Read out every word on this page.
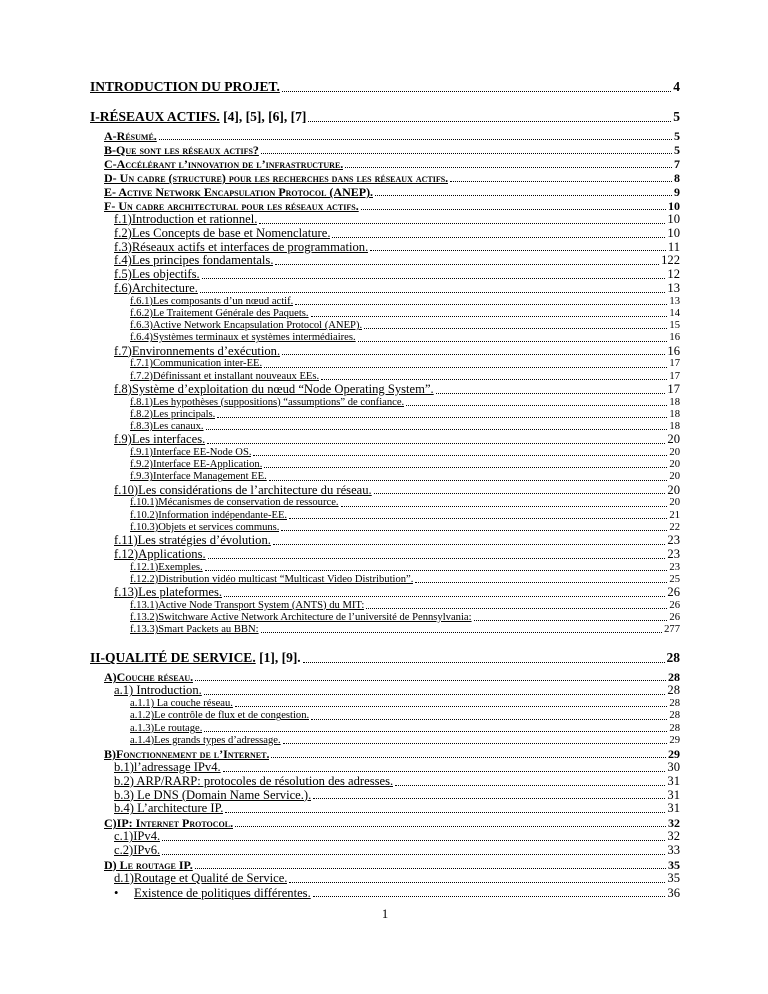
INTRODUCTION DU PROJET.	4
I-RÉSEAUX ACTIFS. [4], [5], [6], [7]	5
A-Résumé.	5
B-Que sont les réseaux actifs?	5
C-Accélérant l’innovation de l’infrastructure.	7
D- Un cadre (structure) pour les recherches dans les réseaux actifs.	8
E- Active Network Encapsulation Protocol (ANEP).	9
F- Un cadre architectural pour les réseaux actifs.	10
f.1)Introduction et rationnel.	10
f.2)Les Concepts de base et Nomenclature.	10
f.3)Réseaux actifs et interfaces de programmation.	11
f.4)Les principes fondamentals.	122
f.5)Les objectifs.	12
f.6)Architecture.	13
f.6.1)Les composants d’un nœud actif.	13
f.6.2)Le Traitement Générale des Paquets.	14
f.6.3)Active Network Encapsulation Protocol (ANEP).	15
f.6.4)Systèmes terminaux et systèmes intermédiaires.	16
f.7)Environnements d’exécution.	16
f.7.1)Communication inter-EE.	17
f.7.2)Définissant et installant nouveaux EEs.	17
f.8)Système d’exploitation du nœud “Node Operating System”.	17
f.8.1)Les hypothèses (suppositions) “assumptions” de confiance.	18
f.8.2)Les principals.	18
f.8.3)Les canaux.	18
f.9)Les interfaces.	20
f.9.1)Interface EE-Node OS.	20
f.9.2)Interface EE-Application.	20
f.9.3)Interface Management EE.	20
f.10)Les considérations de l’architecture du réseau.	20
f.10.1)Mécanismes de conservation de ressource.	20
f.10.2)Information indépendante-EE.	21
f.10.3)Objets et services communs.	22
f.11)Les stratégies d’évolution.	23
f.12)Applications.	23
f.12.1)Exemples.	23
f.12.2)Distribution vidéo multicast “Multicast Video Distribution”.	25
f.13)Les plateformes.	26
f.13.1)Active Node Transport System (ANTS) du MIT:	26
f.13.2)Switchware Active Network Architecture de l’université de Pennsylvania:	26
f.13.3)Smart Packets au BBN:	277
II-QUALITÉ DE SERVICE. [1], [9].	28
A)Couche réseau.	28
a.1) Introduction.	28
a.1.1) La couche réseau.	28
a.1.2)Le contrôle de flux et de congestion.	28
a.1.3)Le routage.	28
a.1.4)Les grands types d’adressage.	29
B)Fonctionnement de l’Internet.	29
b.1)l’adressage IPv4.	30
b.2) ARP/RARP: protocoles de résolution des adresses.	31
b.3) Le DNS (Domain Name Service.).	31
b.4) L’architecture IP.	31
C)IP: Internet Protocol.	32
c.1)IPv4.	32
c.2)IPv6.	33
D) Le routage IP.	35
d.1)Routage et Qualité de Service.	35
•	Existence de politiques différentes.	36
1
